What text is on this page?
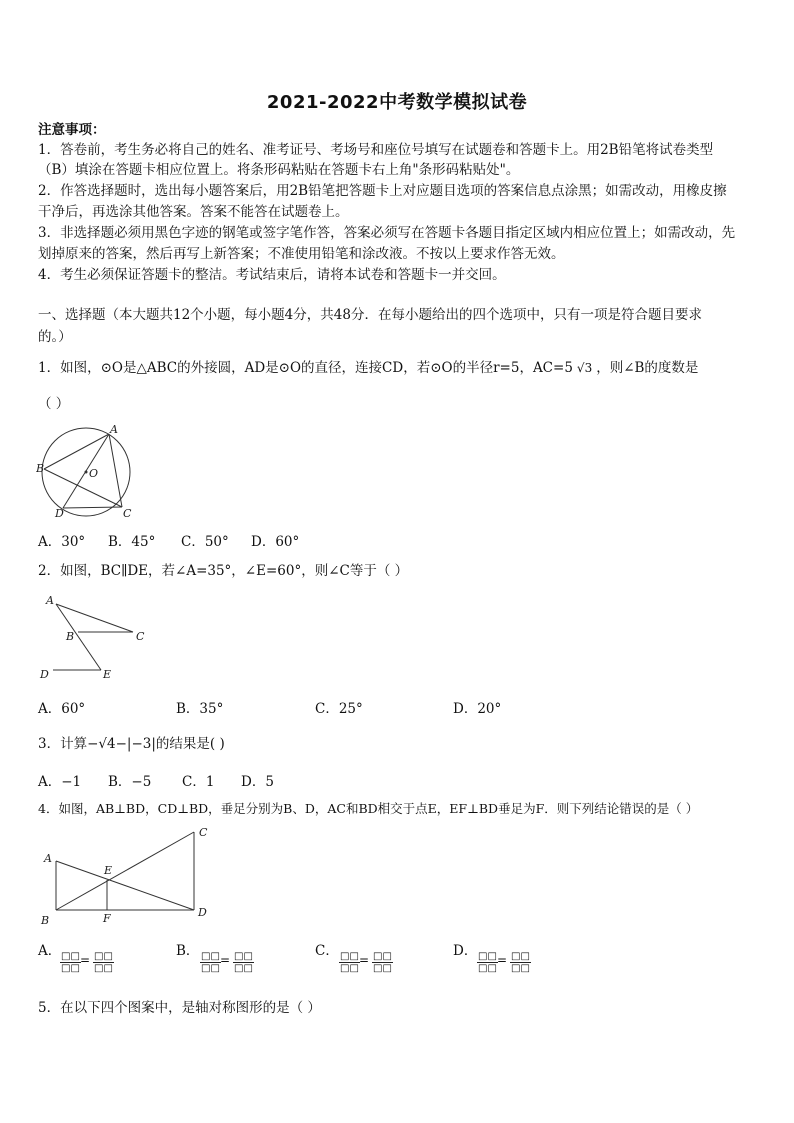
2021-2022中考数学模拟试卷
注意事项：
1．答卷前，考生务必将自己的姓名、准考证号、考场号和座位号填写在试题卷和答题卡上。用2B铅笔将试卷类型
（B）填涂在答题卡相应位置上。将条形码粘贴在答题卡右上角"条形码粘贴处"。
2．作答选择题时，选出每小题答案后，用2B铅笔把答题卡上对应题目选项的答案信息点涂黑；如需改动，用橡皮擦
干净后，再选涂其他答案。答案不能答在试题卷上。
3．非选择题必须用黑色字迹的钢笔或签字笔作答，答案必须写在答题卡各题目指定区域内相应位置上；如需改动，先
划掉原来的答案，然后再写上新答案；不准使用铅笔和涂改液。不按以上要求作答无效。
4．考生必须保证答题卡的整洁。考试结束后，请将本试卷和答题卡一并交回。
一、选择题（本大题共12个小题，每小题4分，共48分．在每小题给出的四个选项中，只有一项是符合题目要求
的。）
1．如图，⊙O是△ABC的外接圆，AD是⊙O的直径，连接CD，若⊙O的半径r=5，AC=5 √3 ，则∠B的度数是
（ ）
A
B
C
D
O
A．30° B．45° C．50° D．60°
2．如图，BC∥DE，若∠A=35°，∠E=60°，则∠C等于（ ）
A
B	C
D	E
A．60°	B．35°	C．25°	D．20°
3．计算−√4−|−3|的结果是( )
A．−1 B．−5 C．1 D．5
4．如图，AB⊥BD，CD⊥BD，垂足分别为B、D，AC和BD相交于点E，EF⊥BD垂足为F．则下列结论错误的是（ ）
A
B
C
D
E
F
A． □□
□□
= □□
□□
B． □□
□□
= □□
□□
C． □□
□□
= □□
□□
D． □□
□□
= □□
□□
5．在以下四个图案中，是轴对称图形的是（ ）
